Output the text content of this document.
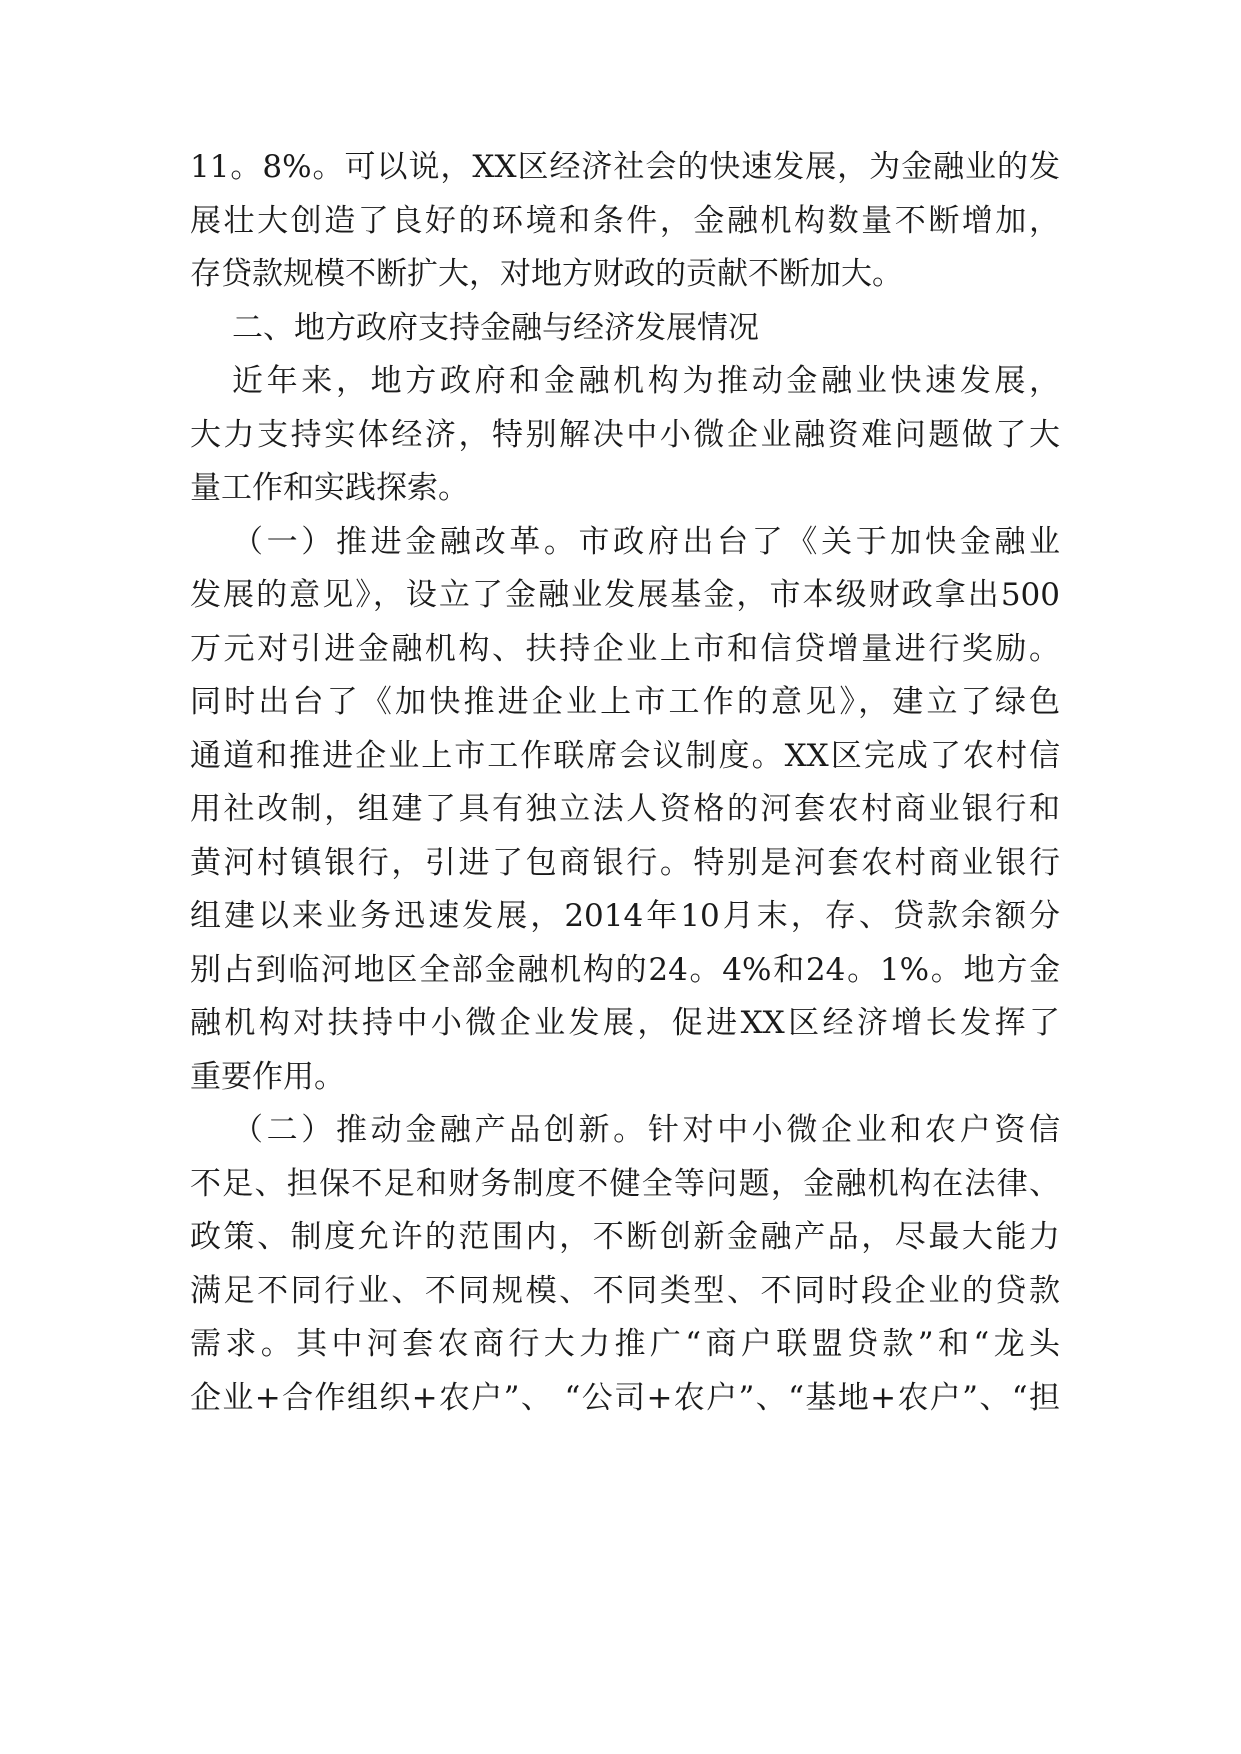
11。8%。可以说，XX区经济社会的快速发展，为金融业的发
展壮大创造了良好的环境和条件，金融机构数量不断增加，
存贷款规模不断扩大，对地方财政的贡献不断加大。
二、地方政府支持金融与经济发展情况
近年来，地方政府和金融机构为推动金融业快速发展，
大力支持实体经济，特别解决中小微企业融资难问题做了大
量工作和实践探索。
（一）推进金融改革。市政府出台了《关于加快金融业
发展的意见》，设立了金融业发展基金，市本级财政拿出500
万元对引进金融机构、扶持企业上市和信贷增量进行奖励。
同时出台了《加快推进企业上市工作的意见》，建立了绿色
通道和推进企业上市工作联席会议制度。XX区完成了农村信
用社改制，组建了具有独立法人资格的河套农村商业银行和
黄河村镇银行，引进了包商银行。特别是河套农村商业银行
组建以来业务迅速发展，2014年10月末，存、贷款余额分
别占到临河地区全部金融机构的24。4%和24。1%。地方金
融机构对扶持中小微企业发展，促进XX区经济增长发挥了
重要作用。
（二）推动金融产品创新。针对中小微企业和农户资信
不足、担保不足和财务制度不健全等问题，金融机构在法律、
政策、制度允许的范围内，不断创新金融产品，尽最大能力
满足不同行业、不同规模、不同类型、不同时段企业的贷款
需求。其中河套农商行大力推广“商户联盟贷款”和“龙头
企业+合作组织+农户”、 “公司+农户”、“基地+农户”、“担
